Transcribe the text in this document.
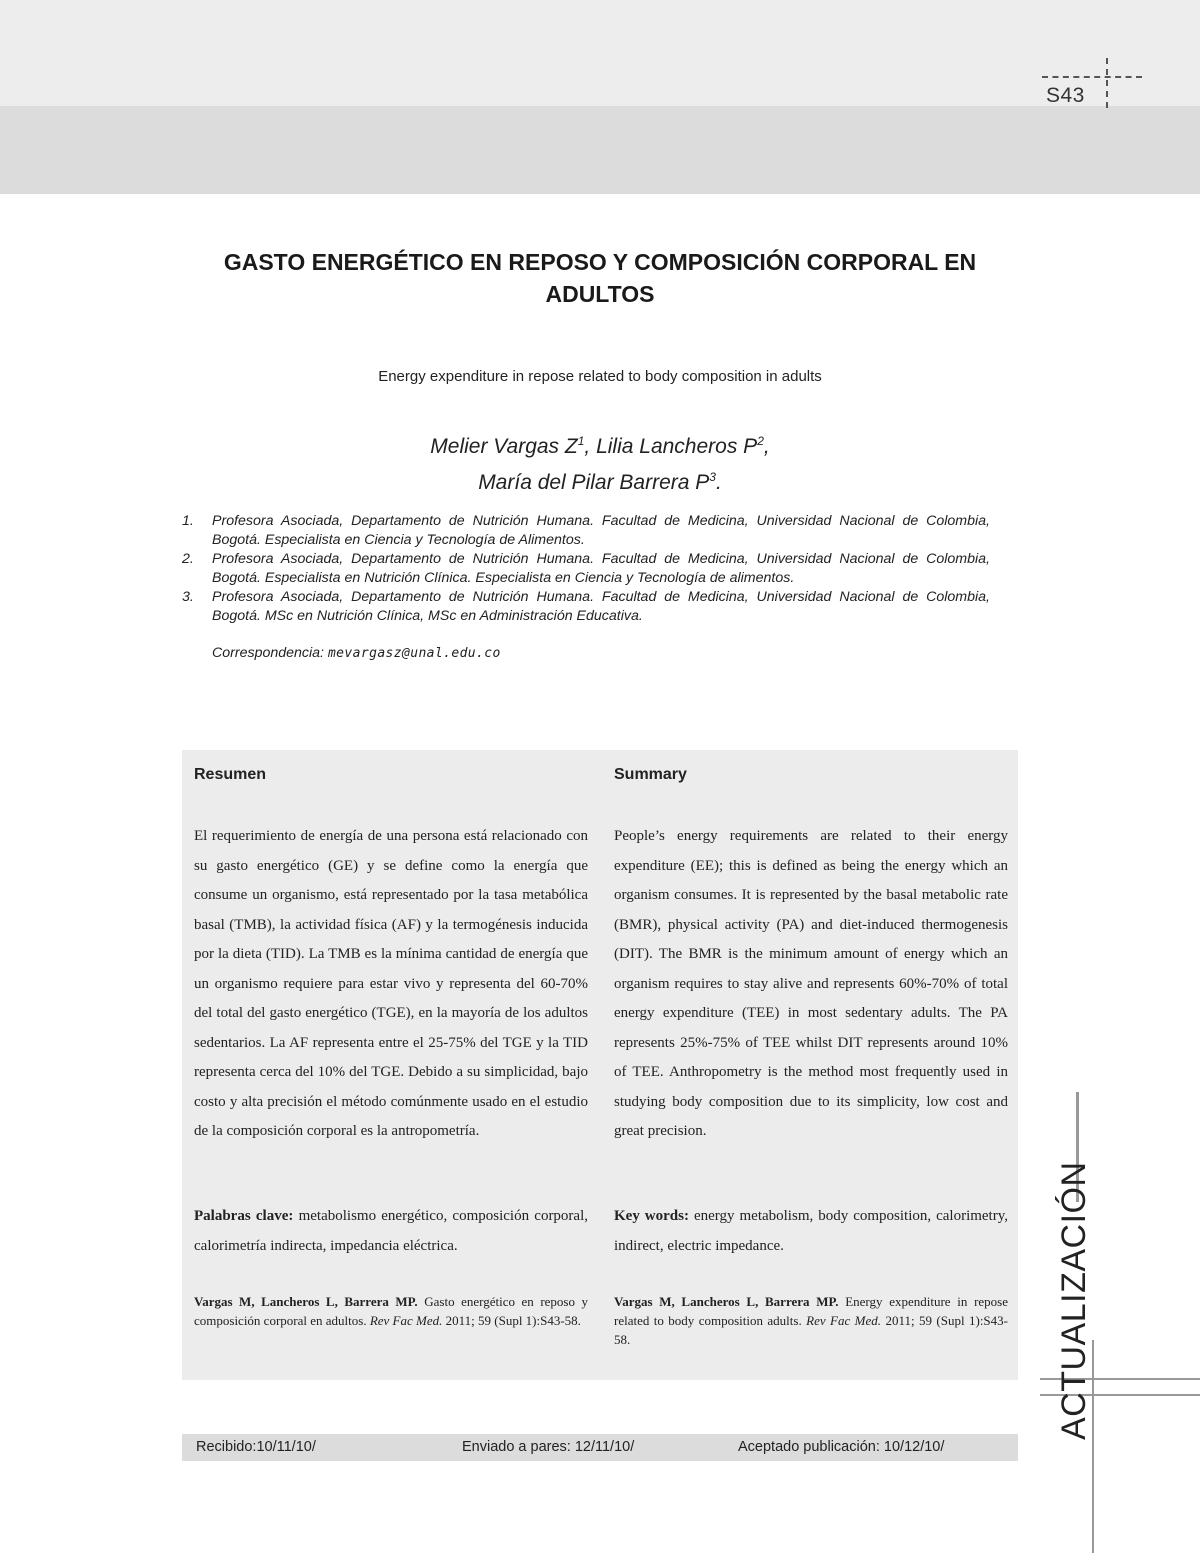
S43
GASTO ENERGÉTICO EN REPOSO Y COMPOSICIÓN CORPORAL EN
ADULTOS
Energy expenditure in repose related to body composition in adults
Melier Vargas $Z^1$, Lilia Lancheros $P^2$,
María del Pilar Barrera $P^3$.
1.	Profesora Asociada, Departamento de Nutrición Humana. Facultad de Medicina, Universidad Nacional de Colombia, Bogotá. Especialista en Ciencia y Tecnología de Alimentos.
2.	Profesora Asociada, Departamento de Nutrición Humana. Facultad de Medicina, Universidad Nacional de Colombia, Bogotá. Especialista en Nutrición Clínica. Especialista en Ciencia y Tecnología de alimentos.
3.	Profesora Asociada, Departamento de Nutrición Humana. Facultad de Medicina, Universidad Nacional de Colombia, Bogotá. MSc en Nutrición Clínica, MSc en Administración Educativa.
Correspondencia: mevargasz@unal.edu.co
Resumen
El requerimiento de energía de una persona está relacionado con su gasto energético (GE) y se define como la energía que consume un organismo, está representado por la tasa metabólica basal (TMB), la actividad física (AF) y la termogénesis inducida por la dieta (TID). La TMB es la mínima cantidad de energía que un organismo requiere para estar vivo y representa del 60-70% del total del gasto energético (TGE), en la mayoría de los adultos sedentarios. La AF representa entre el 25-75% del TGE y la TID representa cerca del 10% del TGE. Debido a su simplicidad, bajo costo y alta precisión el método comúnmente usado en el estudio de la composición corporal es la antropometría.
Palabras clave: metabolismo energético, composición corporal, calorimetría indirecta, impedancia eléctrica.
Vargas M, Lancheros L, Barrera MP. Gasto energético en reposo y composición corporal en adultos. Rev Fac Med. 2011; 59 (Supl 1):S43-58.
Summary
People’s energy requirements are related to their energy expenditure (EE); this is defined as being the energy which an organism consumes. It is represented by the basal metabolic rate (BMR), physical activity (PA) and diet-induced thermogenesis (DIT). The BMR is the minimum amount of energy which an organism requires to stay alive and represents 60%-70% of total energy expenditure (TEE) in most sedentary adults. The PA represents 25%-75% of TEE whilst DIT represents around 10% of TEE. Anthropometry is the method most frequently used in studying body composition due to its simplicity, low cost and great precision.
Key words: energy metabolism, body composition, calorimetry, indirect, electric impedance.
Vargas M, Lancheros L, Barrera MP. Energy expenditure in repose related to body composition adults. Rev Fac Med. 2011; 59 (Supl 1):S43-58.
Recibido:10/11/10/	Enviado a pares: 12/11/10/	Aceptado publicación: 10/12/10/
ACTUALIZACIÓN
